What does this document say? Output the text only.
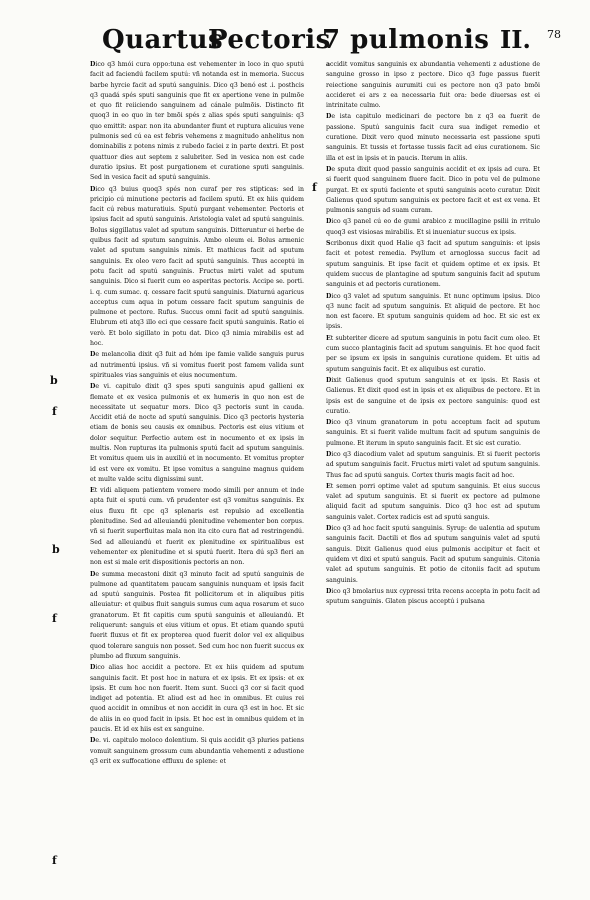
Quartus
Pectoris
7 pulmonis II. 78
b
f
b
f
f
f

Dico q3 hmói cura oppo:tuna est vehementer in loco in quo sputú facit ad faciendú facilem sputú: vñ notanda est in memoria. Succus barbe hyrcie facit ad sputú sanguinis. Dico q3 benó est .i. posthcis q3 quadá spés sputi sanguinis que fit ex apertione vene in pulmõe et quo fit reiiciendo sanguinem ad cánale pulmõis. Distincto fit quoq3 in eo quo in ter bmõi spés z alias spés sputi sanguinis: q3 quo emittit: aspar. non ita abundanter fiunt et ruptura alicuius vene pulmonis sed cú ea est febris vehemens z magnitudo anhelitus non dominabilis z potens nimis z rubedo faciei z in parte dextri. Et post quattuor dies aut septem z salubriter. Sed in vesica non est cade duratio ipsius. Et post purgationem et curatione sputi sanguinis. Sed in vesica facit ad sputú sanguinis.

Dico q3 buius quoq3 spés non curaf per res stipticas: sed in pricipio cú minutione pectoris ad facilem sputú. Et ex hiis quidem facit cú rebus maturatiuis. Sputú purgant vehementer. Pectoris et ipsius facit ad sputú sanguinis. Aristologia valet ad sputú sanguinis. Bolus siggillatus valet ad sputum sanguinis. Ditteruntur ei herbe de quibus facit ad sputum sanguinis. Ambo oleum ei. Bolus armenic valet ad sputum sanguinis nimis. Et mathicus facit ad sputum sanguinis. Ex oleo vero facit ad sputú sanguinis. Thus acceptú in potu facit ad sputú sanguinis. Fructus mirti valet ad sputum sanguinis. Dico si fuerit cum eo asperitas pectoris. Accipe se. porti. i. q. cum sumac. q. cessare facit sputú sanguinis. Diaturnú agaricus acceptus cum aqua in potum cessare facit sputum sanguinis de pulmone et pectore. Rufus. Succus omni facit ad sputú sanguinis. Elubrum eti atq3 illo eci que cessare facit sputú sanguinis. Ratio ei verò. Et bolo sigillato in potu dat. Dico q3 nimia mirabilis est ad hoc.

De melancolia dixit q3 fuit ad hóm ipe famie valide sanguis purus ad nutrimentú ipsius. vñ si vomitus fuerit post famem valida sunt spirituales vias sanguinis et eius nocumentum.

De vi. capitulo dixit q3 spes sputi sanguinis apud gallieni ex flemate et ex vesica pulmonis et ex humeris in quo non est de necessitate ut sequatur mors. Dico q3 pectoris sunt in cauda. Accidit etiá de nocte ad sputú sanguinis. Dico q3 pectoris hysteria etiam de bonis seu causis ex omnibus. Pectoris est eius vitium et dolor sequitur. Perfectio autem est in nocumento et ex ipsis in multis. Non rupturas ita pulmonis sputú facit ad sputum sanguinis. Et vomitus quem uis in auxiliú et in nocumento. Et vomitus propter id est vere ex vomitu. Et ipse vomitus a sanguine magnus quidem et multe valde scitu dignissimi sunt.

Et vidi aliquem patientem vomere modo simili per annum et inde apta fuit ei sputú cum. vñ prudenter est q3 vomitus sanguinis. Ex eius fluxu fit cpc q3 splenaris est repulsio ad excellentia plenitudine. Sed ad alleuiandú plenitudine vehementer bon corpus. vñ si fuerit superfluitas mala non ita cito cura fiat ad restringendú. Sed ad alleuiandú et fuerit ex plenitudine ex spiritualibus est vehementer ex plenitudine et si sputú fuerit. Itera dú sp3 fieri an non est si male erit dispositionis pectoris an non.

De summa mecastoni dixit q3 minuto facit ad sputú sanguinis de pulmone ad quantitatem paucam sanguinis nunquam et ipsis facit ad sputú sanguinis. Postea fit pollicitorum et in aliquibus pitis alleuiatur: et quibus fluit sanguis sumus cum aqua rosarum et suco granatorum. Et fit capitis cum sputú sanguinis et alleuiandú. Et reliquerunt: sanguis et eius vitium et opus. Et etiam quando sputú fuerit fluxus et fit ex propterea quod fuerit dolor vel ex aliquibus quod tolerare sanguis non posset. Sed cum hoc non fuerit succus ex plumbo ad fluxum sanguinis.

Dico alias hoc accidit a pectore. Et ex hiis quidem ad sputum sanguinis facit. Et post hoc in natura et ex ipsis. Et ex ipsis: et ex ipsis. Et cum hoc non fuerit. Item sunt. Succi q3 cor si facit quod indiget ad potentia. Et aliud est ad hec in omnibus. Et cuius rei quod accidit in omnibus et non accidit in cura q3 est in hoc. Et sic de aliis in eo quod facit in ipsis. Et hoc est in omnibus quidem et in paucis. Et id ex hiis est ex sanguine.

De. vi. capitulo moloco dolentium. Si quis accidit q3 pluries patiens vomuit sanguinem grossum cum abundantia vehementi z adustione q3 erit ex suffocatione effluxu de splene: et

accidit vomitus sanguinis ex abundantia vehementi z adustione de sanguine grosso in ipso z pectore. Dico q3 fuge passus fuerit reiectione sanguinis aurumiti cui es pectore non q3 pato bmõi accideret ei ars z ea necessaria fuit ora: bede diuersas est ei intrinitate culmo.

De ista capitulo medicinari de pectore bn z q3 ea fuerit de passione. Sputú sanguinis facit cura sua indiget remedio et curatione. Dixit vero quod minuto necessaria est passione sputi sanguinis. Et tussis et fortasse tussis facit ad eius curationem. Sic illa et est in ipsis et in paucis. Iterum in aliis.

De sputa dixit quod passio sanguinis accidit et ex ipsis ad cura. Et si fuerit quod sanguinem fluere facit. Dico in potu vel de pulmone purgat. Et ex sputú faciente et sputú sanguinis aceto curatur. Dixit Galienus quod sputum sanguinis ex pectore facit et est ex vena. Et pulmonis sanguis ad suam curam.

Dico q3 panel cú eo de gumi arabico z mucillagine psilii in rritulo quoq3 est visiosas mirabilis. Et si inueniatur succus ex ipsis.

Scribonus dixit quod Halie q3 facit ad sputum sanguinis: et ipsis facit et potest remedia. Psyllum et arnoglossa succus facit ad sputum sanguinis. Et ipse facit et quidem optime et ex ipsis. Et quidem succus de plantagine ad sputum sanguinis facit ad sputum sanguinis et ad pectoris curationem.

Dico q3 valet ad sputum sanguinis. Et nunc optimum ipsius. Dico q3 nunc facit ad sputum sanguinis. Et aliquid de pectore. Et hoc non est facere. Et sputum sanguinis quidem ad hoc. Et sic est ex ipsis.

Et subteriter dicere ad sputum sanguinis in potu facit cum oleo. Et cum succo plantaginis facit ad sputum sanguinis. Et hoc quod facit per se ipsum ex ipsis in sanguinis curatione quidem. Et uitis ad sputum sanguinis facit. Et ex aliquibus est curatio.

Dixit Galienus quod sputum sanguinis et ex ipsis. Et Rasis et Galienus. Et dixit quod est in ipsis et ex aliquibus de pectore. Et in ipsis est de sanguine et de ipsis ex pectore sanguinis: quod est curatio.

Dico q3 vinum granatorum in potu acceptum facit ad sputum sanguinis. Et si fuerit valide multum facit ad sputum sanguinis de pulmone. Et iterum in sputo sanguinis facit. Et sic est curatio.

Dico q3 diacodium valet ad sputum sanguinis. Et si fuerit pectoris ad sputum sanguinis facit. Fructus mirti valet ad sputum sanguinis. Thus fac ad sputú sanguis. Cortex thuris magis facit ad hoc.

Et semen porri optime valet ad sputum sanguinis. Et eius succus valet ad sputum sanguinis. Et si fuerit ex pectore ad pulmone aliquid facit ad sputum sanguinis. Dico q3 hoc est ad sputum sanguinis valet. Cortex radicis est ad sputú sanguis.

Dico q3 ad hoc facit sputú sanguinis. Syrup: de ualentia ad sputum sanguinis facit. Dactili et flos ad sputum sanguinis valet ad sputú sanguis. Dixit Galienus quod eius pulmonis accipitur et facit et quidem vt dixi et sputú sanguis. Facit ad sputum sanguinis. Citonia valet ad sputum sanguinis. Et potio de citoniis facit ad sputum sanguinis.

Dico q3 bmolarius nux cypressi trita recens accepta in potu facit ad sputum sanguinis. Glaten piscus acceptú i pulsana
